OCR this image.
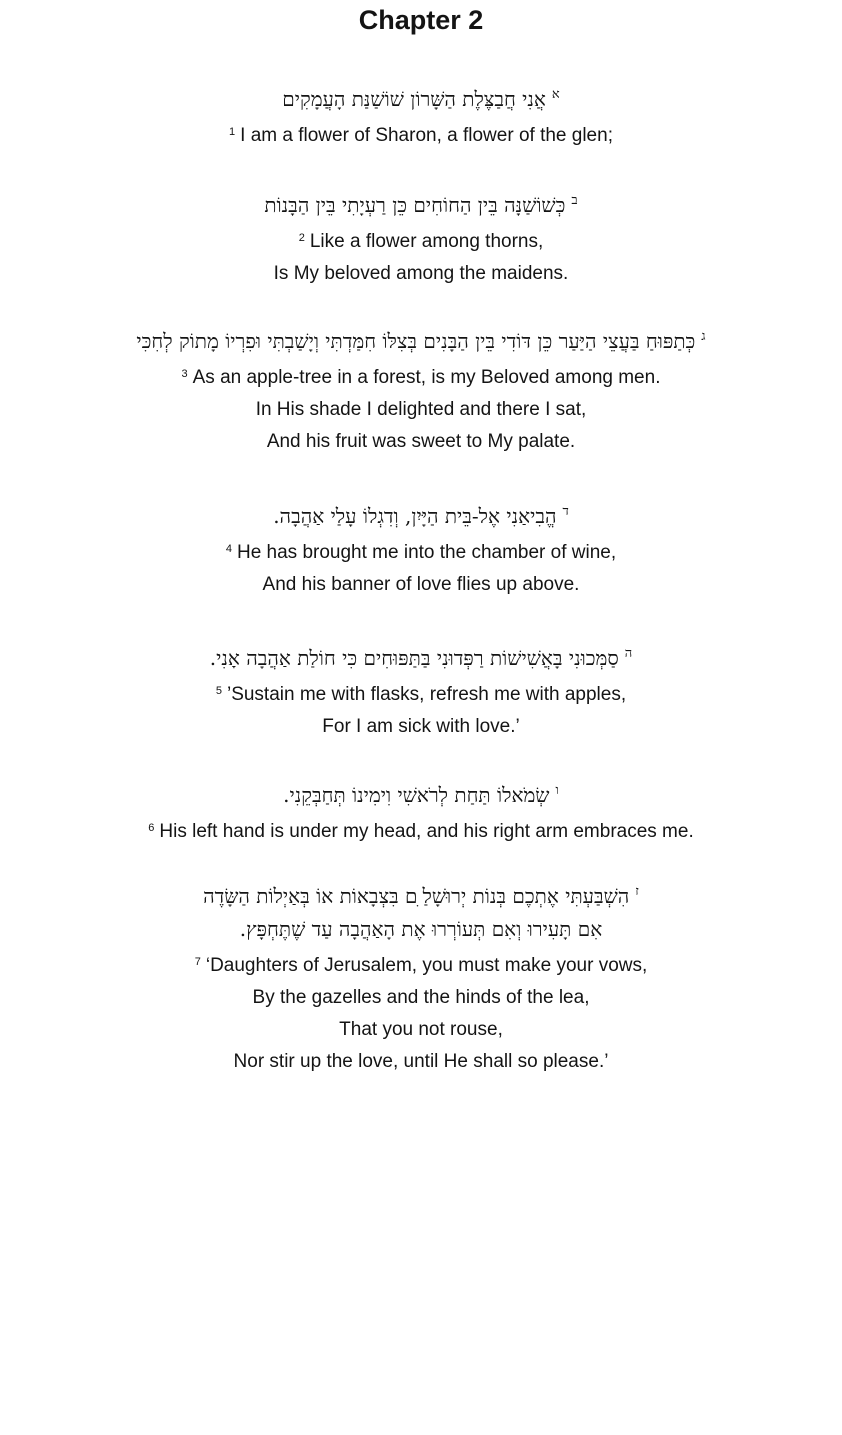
Chapter 2
$^א$אֲנִי חֲבַצֶּלֶת הַשָּׁרוֹן שׁוֹשַׁנַּת הָעֲמָקִים
$^1$ I am a flower of Sharon, a flower of the glen;
$^ב$כְּשׁוֹשַׁנָּה בֵּין הַחוֹחִים כֵּן רַעְיָתִי בֵּין הַבָּנוֹת
$^2$ Like a flower among thorns,
Is My beloved among the maidens.
$^ג$כְּתַפּוּחַ בַּעֲצֵי הַיַּעַר כֵּן דּוֹדִי בֵּין הַבָּנִים בְּצִלּוֹ חִמַּדְתִּי וְיָשַׁבְתִּי וּפִרְיוֹ מָתוֹק לְחִכִּי
$^3$ As an apple-tree in a forest, is my Beloved among men.
In His shade I delighted and there I sat,
And his fruit was sweet to My palate.
$^ד$הֱבִיאַנִי אֶל-בֵּית הַיָּיִן, וְדִגְלוֹ עָלַי אַהֲבָה.
$^4$ He has brought me into the chamber of wine,
And his banner of love flies up above.
$^ה$סַמְּכוּנִי בָּאֲשִׁישׁוֹת רַפְּדוּנִי בַּתַּפּוּחִים כִּי חוֹלַת אַהֲבָה אָנִי.
$^5$ ’Sustain me with flasks, refresh me with apples,
For I am sick with love.’
$^ו$שְׂמֹאלוֹ תַּחַת לְרֹאשִׁי וִימִינוֹ תְּחַבְּקֵנִי.
$^6$ His left hand is under my head, and his right arm embraces me.
$^ז$הִשְׁבַּעְתִּי אֶתְכֶם בְּנוֹת יְרוּשָׁלַ ִם בִּצְבָאוֹת אוֹ בְּאַיְלוֹת הַשָּׂדֶה
אִם תָּעִירוּ וְאִם תְּעוֹרְרוּ אֶת הָאַהֲבָה עַד שֶׁתֶּחְפָּץ.
$^7$ ‘Daughters of Jerusalem, you must make your vows,
By the gazelles and the hinds of the lea,
That you not rouse,
Nor stir up the love, until He shall so please.’
